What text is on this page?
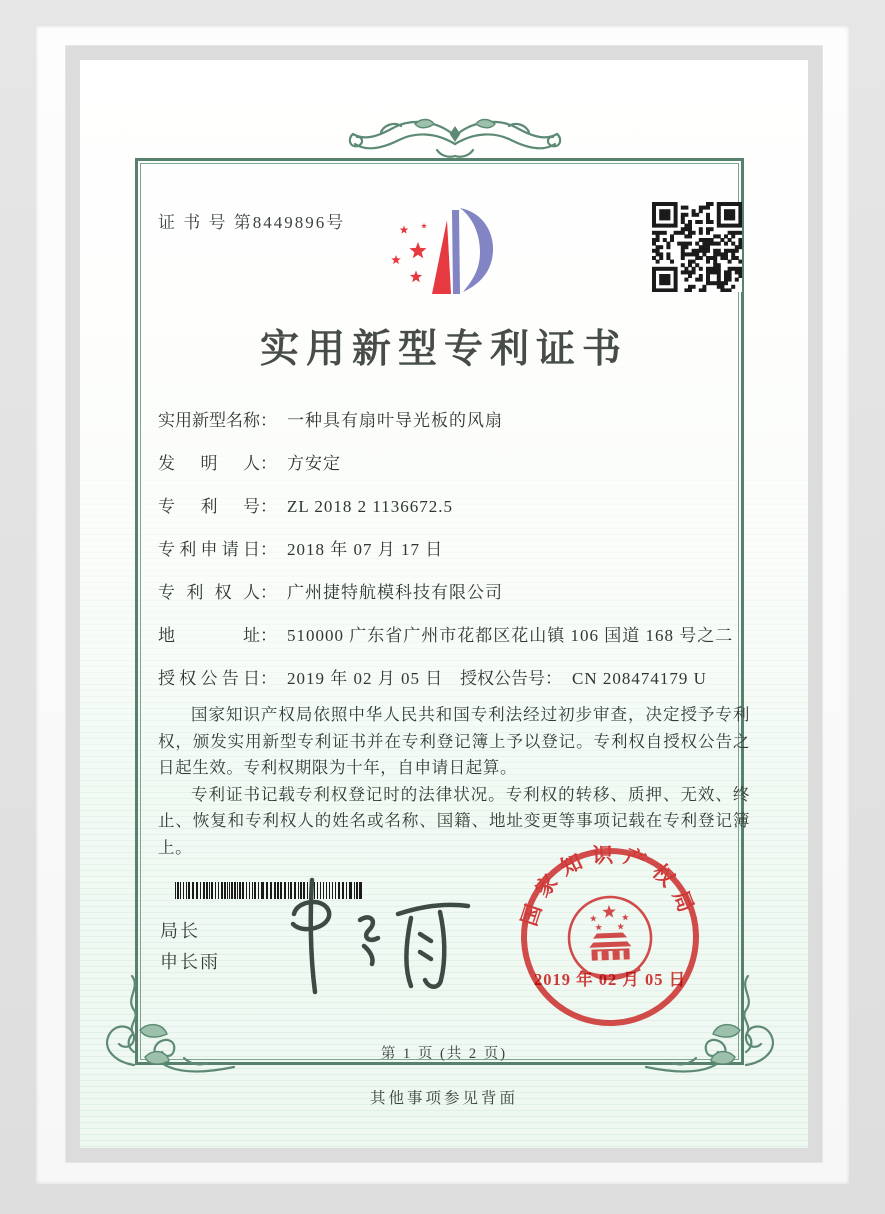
证 书 号 第8449896号
实用新型专利证书
实用新型名称： 一种具有扇叶导光板的风扇
发明人： 方安定
专利号： ZL 2018 2 1136672.5
专利申请日： 2018 年 07 月 17 日
专利权人： 广州捷特航模科技有限公司
地址： 510000 广东省广州市花都区花山镇 106 国道 168 号之二
授权公告日： 2019 年 02 月 05 日 授权公告号： CN 208474179 U

国家知识产权局依照中华人民共和国专利法经过初步审查，决定授予专利权，颁发实用新型专利证书并在专利登记簿上予以登记。专利权自授权公告之日起生效。专利权期限为十年，自申请日起算。

专利证书记载专利权登记时的法律状况。专利权的转移、质押、无效、终止、恢复和专利权人的姓名或名称、国籍、地址变更等事项记载在专利登记簿上。

局长
申长雨
国家知识产权局
2019 年 02 月 05 日
第 1 页 (共 2 页)
其他事项参见背面
